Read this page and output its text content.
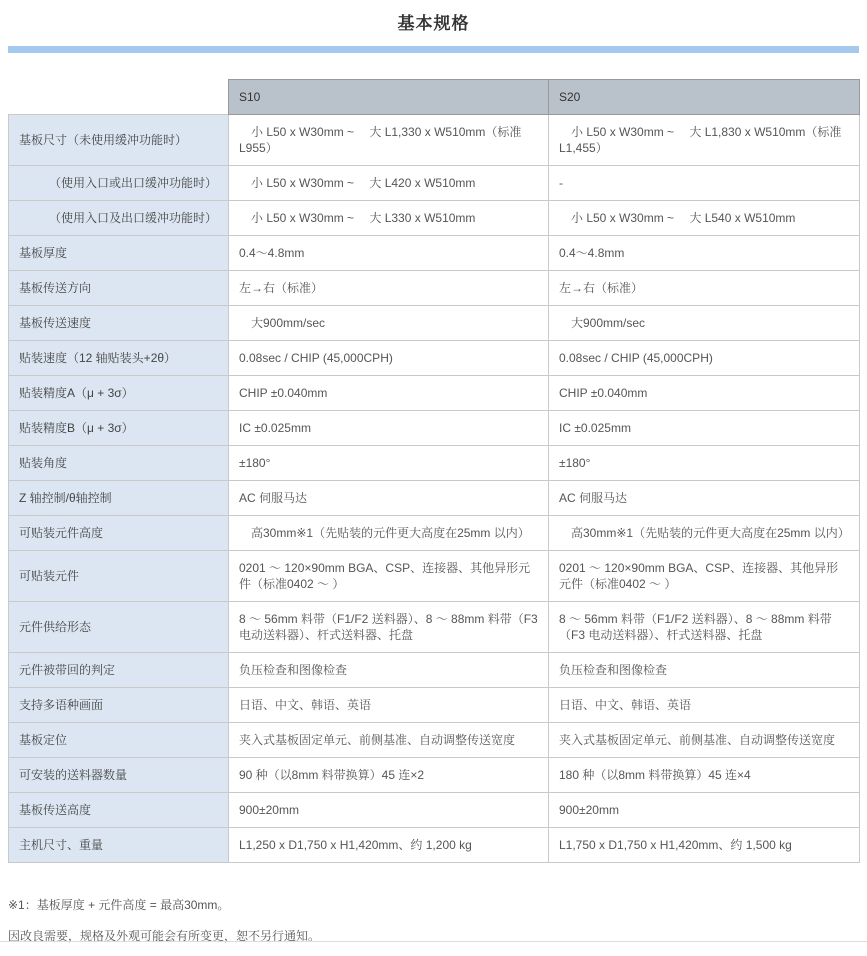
基本规格
	S10	S20
基板尺寸（未使用缓冲功能时）	　小 L50 x W30mm ~　 大 L1,330 x W510mm（标准L955）	　小 L50 x W30mm ~　 大 L1,830 x W510mm（标准L1,455）
　　　（使用入口或出口缓冲功能时）	　小 L50 x W30mm ~　 大 L420 x W510mm	-
　　　（使用入口及出口缓冲功能时）	　小 L50 x W30mm ~　 大 L330 x W510mm	　小 L50 x W30mm ~　 大 L540 x W510mm
基板厚度	0.4～4.8mm	0.4～4.8mm
基板传送方向	左→右（标准）	左→右（标准）
基板传送速度	　大900mm/sec	　大900mm/sec
贴装速度（12 轴贴装头+2θ）	0.08sec / CHIP (45,000CPH)	0.08sec / CHIP (45,000CPH)
贴装精度A（μ + 3σ）	CHIP ±0.040mm	CHIP ±0.040mm
贴装精度B（μ + 3σ）	IC ±0.025mm	IC ±0.025mm
贴装角度	±180°	±180°
Z 轴控制/θ轴控制	AC 伺服马达	AC 伺服马达
可贴装元件高度	　高30mm※1（先贴装的元件更大高度在25mm 以内）	　高30mm※1（先贴装的元件更大高度在25mm 以内）
可贴装元件	0201 ～ 120×90mm BGA、CSP、连接器、其他异形元件（标准0402 ～ ）	0201 ～ 120×90mm BGA、CSP、连接器、其他异形元件（标准0402 ～ ）
元件供给形态	8 ～ 56mm 料带（F1/F2 送料器）、8 ～ 88mm 料带（F3 电动送料器）、杆式送料器、托盘	8 ～ 56mm 料带（F1/F2 送料器）、8 ～ 88mm 料带（F3 电动送料器）、杆式送料器、托盘
元件被带回的判定	负压检查和图像检查	负压检查和图像检查
支持多语种画面	日语、中文、韩语、英语	日语、中文、韩语、英语
基板定位	夹入式基板固定单元、前侧基准、自动调整传送宽度	夹入式基板固定单元、前侧基准、自动调整传送宽度
可安装的送料器数量	90 种（以8mm 料带换算）45 连×2	180 种（以8mm 料带换算）45 连×4
基板传送高度	900±20mm	900±20mm
主机尺寸、重量	L1,250 x D1,750 x H1,420mm、约 1,200 kg	L1,750 x D1,750 x H1,420mm、约 1,500 kg

※1：基板厚度 + 元件高度 = 最高30mm。

因改良需要，规格及外观可能会有所变更，恕不另行通知。
